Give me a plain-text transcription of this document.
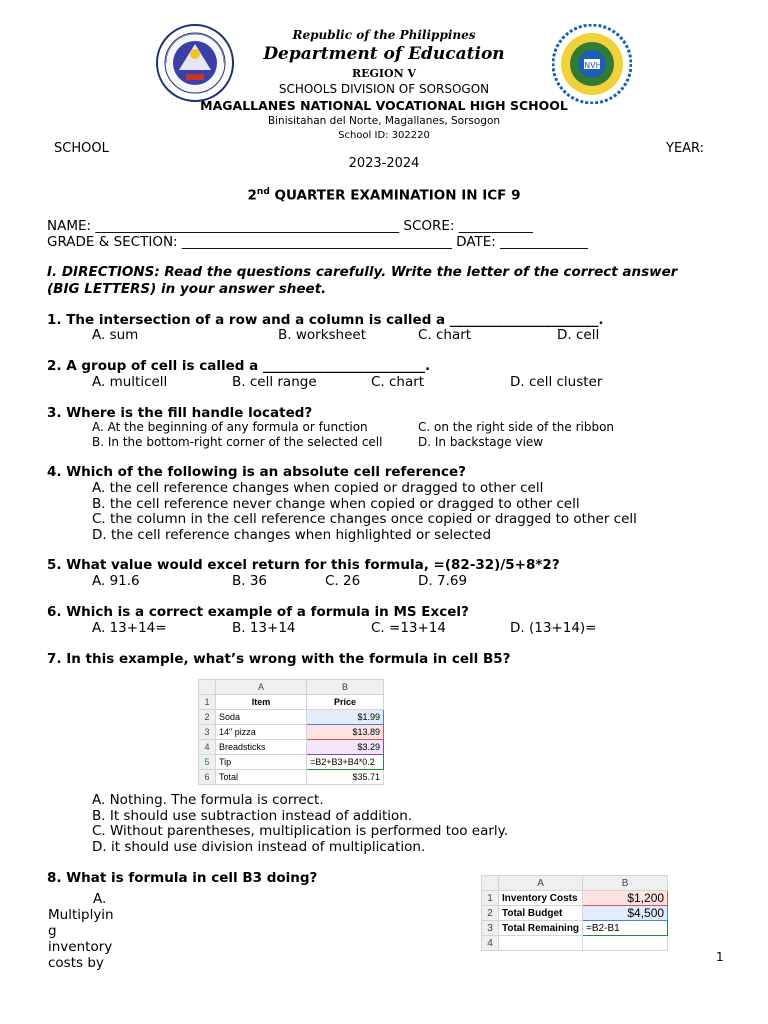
MNVHS
Republic of the Philippines
Department of Education
REGION V
SCHOOLS DIVISION OF SORSOGON
MAGALLANES NATIONAL VOCATIONAL HIGH SCHOOL
Binisitahan del Norte, Magallanes, Sorsogon
School ID: 302220
SCHOOL	YEAR:
2023-2024
2nd QUARTER EXAMINATION IN ICF 9
NAME: _____________________________________________ SCORE: ___________
GRADE & SECTION: ________________________________________ DATE: _____________
I. DIRECTIONS: Read the questions carefully. Write the letter of the correct answer
(BIG LETTERS) in your answer sheet.
1. The intersection of a row and a column is called a ______________________.
A. sum	B. worksheet	C. chart	D. cell
2. A group of cell is called a ________________________.
A. multicell	B. cell range	C. chart	D. cell cluster
3. Where is the fill handle located?
A. At the beginning of any formula or function	C. on the right side of the ribbon
B. In the bottom-right corner of the selected cell	D. In backstage view
4. Which of the following is an absolute cell reference?
A. the cell reference changes when copied or dragged to other cell
B. the cell reference never change when copied or dragged to other cell
C. the column in the cell reference changes once copied or dragged to other cell
D. the cell reference changes when highlighted or selected
5. What value would excel return for this formula, =(82-32)/5+8*2?
A. 91.6	B. 36	C. 26	D. 7.69
6. Which is a correct example of a formula in MS Excel?
A. 13+14=	B. 13+14	C. =13+14	D. (13+14)=
7. In this example, what’s wrong with the formula in cell B5?
	A	B
1	Item	Price
2	Soda	$1.99
3	14" pizza	$13.89
4	Breadsticks	$3.29
5	Tip	=B2+B3+B4*0.2
6	Total	$35.71
A. Nothing. The formula is correct.
B. It should use subtraction instead of addition.
C. Without parentheses, multiplication is performed too early.
D. it should use division instead of multiplication.
8. What is formula in cell B3 doing?
A.
Multiplyin
g
inventory
costs by
	A	B
1	Inventory Costs	$1,200
2	Total Budget	$4,500
3	Total Remaining	=B2-B1
4		
1
